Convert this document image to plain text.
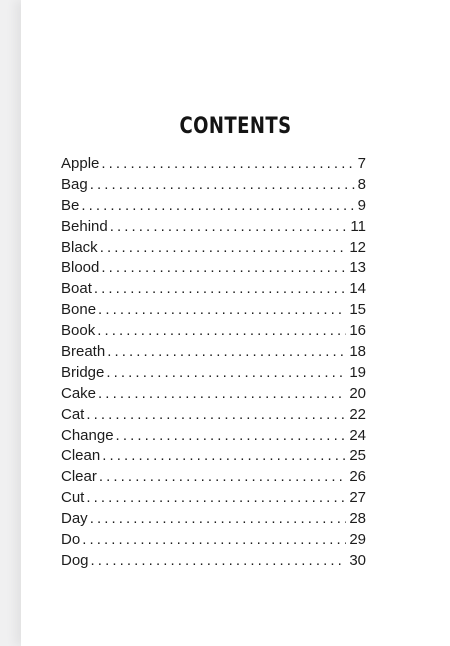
CONTENTS
Apple .....	7
Bag .....	8
Be .....	9
Behind .....	11
Black .....	12
Blood .....	13
Boat .....	14
Bone .....	15
Book .....	16
Breath .....	18
Bridge .....	19
Cake .....	20
Cat .....	22
Change .....	24
Clean .....	25
Clear .....	26
Cut .....	27
Day .....	28
Do .....	29
Dog .....	30
